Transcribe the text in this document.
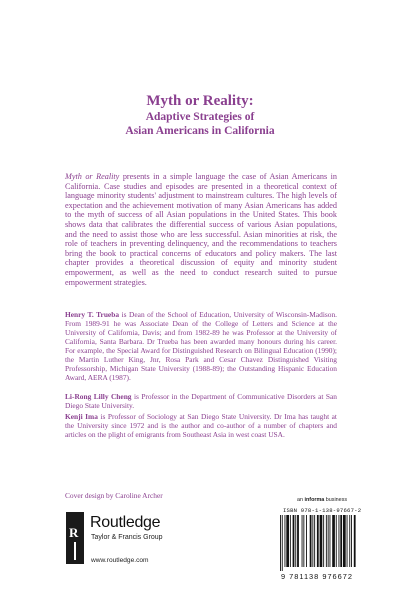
Myth or Reality:
Adaptive Strategies of
Asian Americans in California
Myth or Reality presents in a simple language the case of Asian Americans in California. Case studies and episodes are presented in a theoretical context of language minority students' adjustment to mainstream cultures. The high levels of expectation and the achievement motivation of many Asian Americans has added to the myth of success of all Asian populations in the United States. This book shows data that calibrates the differential success of various Asian populations, and the need to assist those who are less successful. Asian minorities at risk, the role of teachers in preventing delinquency, and the recommendations to teachers bring the book to practical concerns of educators and policy makers. The last chapter provides a theoretical discussion of equity and minority student empowerment, as well as the need to conduct research suited to pursue empowerment strategies.

Henry T. Trueba is Dean of the School of Education, University of Wisconsin-Madison. From 1989-91 he was Associate Dean of the College of Letters and Science at the University of California, Davis; and from 1982-89 he was Professor at the University of California, Santa Barbara. Dr Trueba has been awarded many honours during his career. For example, the Special Award for Distinguished Research on Bilingual Education (1990); the Martin Luther King, Jnr, Rosa Park and Cesar Chavez Distinguished Visiting Professorship, Michigan State University (1988-89); the Outstanding Hispanic Education Award, AERA (1987).

Li-Rong Lilly Cheng is Professor in the Department of Communicative Disorders at San Diego State University.

Kenji Ima is Professor of Sociology at San Diego State University. Dr Ima has taught at the University since 1972 and is the author and co-author of a number of chapters and articles on the plight of emigrants from Southeast Asia in west coast USA.

Cover design by Caroline Archer
R
Routledge
Taylor & Francis Group
www.routledge.com
an informa business
ISBN 978-1-138-97667-2
9 781138 976672
